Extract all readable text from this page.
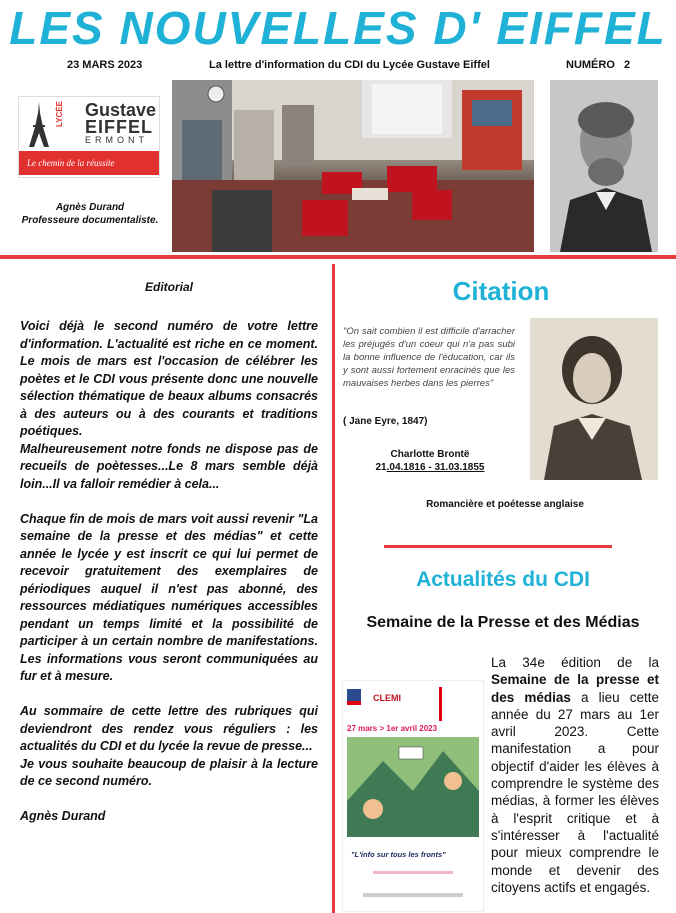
LES NOUVELLES D' EIFFEL
23 MARS 2023	La lettre d'information du CDI du Lycée Gustave Eiffel	NUMÉRO   2
LYCÉE Gustave
EIFFEL
ERMONT
Le chemin de la réussite
Agnès Durand
Professeure documentaliste.
Editorial

Voici déjà le second numéro de votre lettre d'information. L'actualité est riche en ce moment. Le mois de mars est l'occasion de célébrer les poètes et le CDI vous présente donc une nouvelle sélection thématique de beaux albums consacrés à des auteurs ou à des courants et traditions poétiques.

Malheureusement notre fonds ne dispose pas de recueils de poètesses...Le 8 mars semble déjà loin...Il va falloir remédier à cela...

Chaque fin de mois de mars voit aussi revenir "La semaine de la presse et des médias" et cette année le lycée y est inscrit ce qui lui permet de recevoir gratuitement des exemplaires de périodiques auquel il n'est pas abonné, des ressources médiatiques numériques accessibles pendant un temps limité et la possibilité de participer à un certain nombre de manifestations. Les informations vous seront communiquées au fur et à mesure.

Au sommaire de cette lettre des rubriques qui deviendront des rendez vous réguliers : les actualités du CDI et du lycée la revue de presse...

Je vous souhaite beaucoup de plaisir à la lecture de ce second numéro.

Agnès Durand

Citation
"On sait combien il est difficile d'arracher les préjugés d'un coeur qui n'a pas subi la bonne influence de l'éducation, car ils y sont aussi fortement enracinés que les mauvaises herbes dans les pierres"
( Jane Eyre, 1847)
Charlotte Brontë
21.04.1816 - 31.03.1855
Romancière et poétesse anglaise
Actualités du CDI
Semaine de la Presse et des Médias
CLEMI
27 mars > 1er avril 2023
"L'info sur tous les fronts"
La 34e édition de la Semaine de la presse et des médias a lieu cette année du 27 mars au 1er avril 2023. Cette manifestation a pour objectif d'aider les élèves à comprendre le système des médias, à former les élèves à l'esprit critique et à s'intéresser à l'actualité pour mieux comprendre le monde et devenir des citoyens actifs et engagés.
